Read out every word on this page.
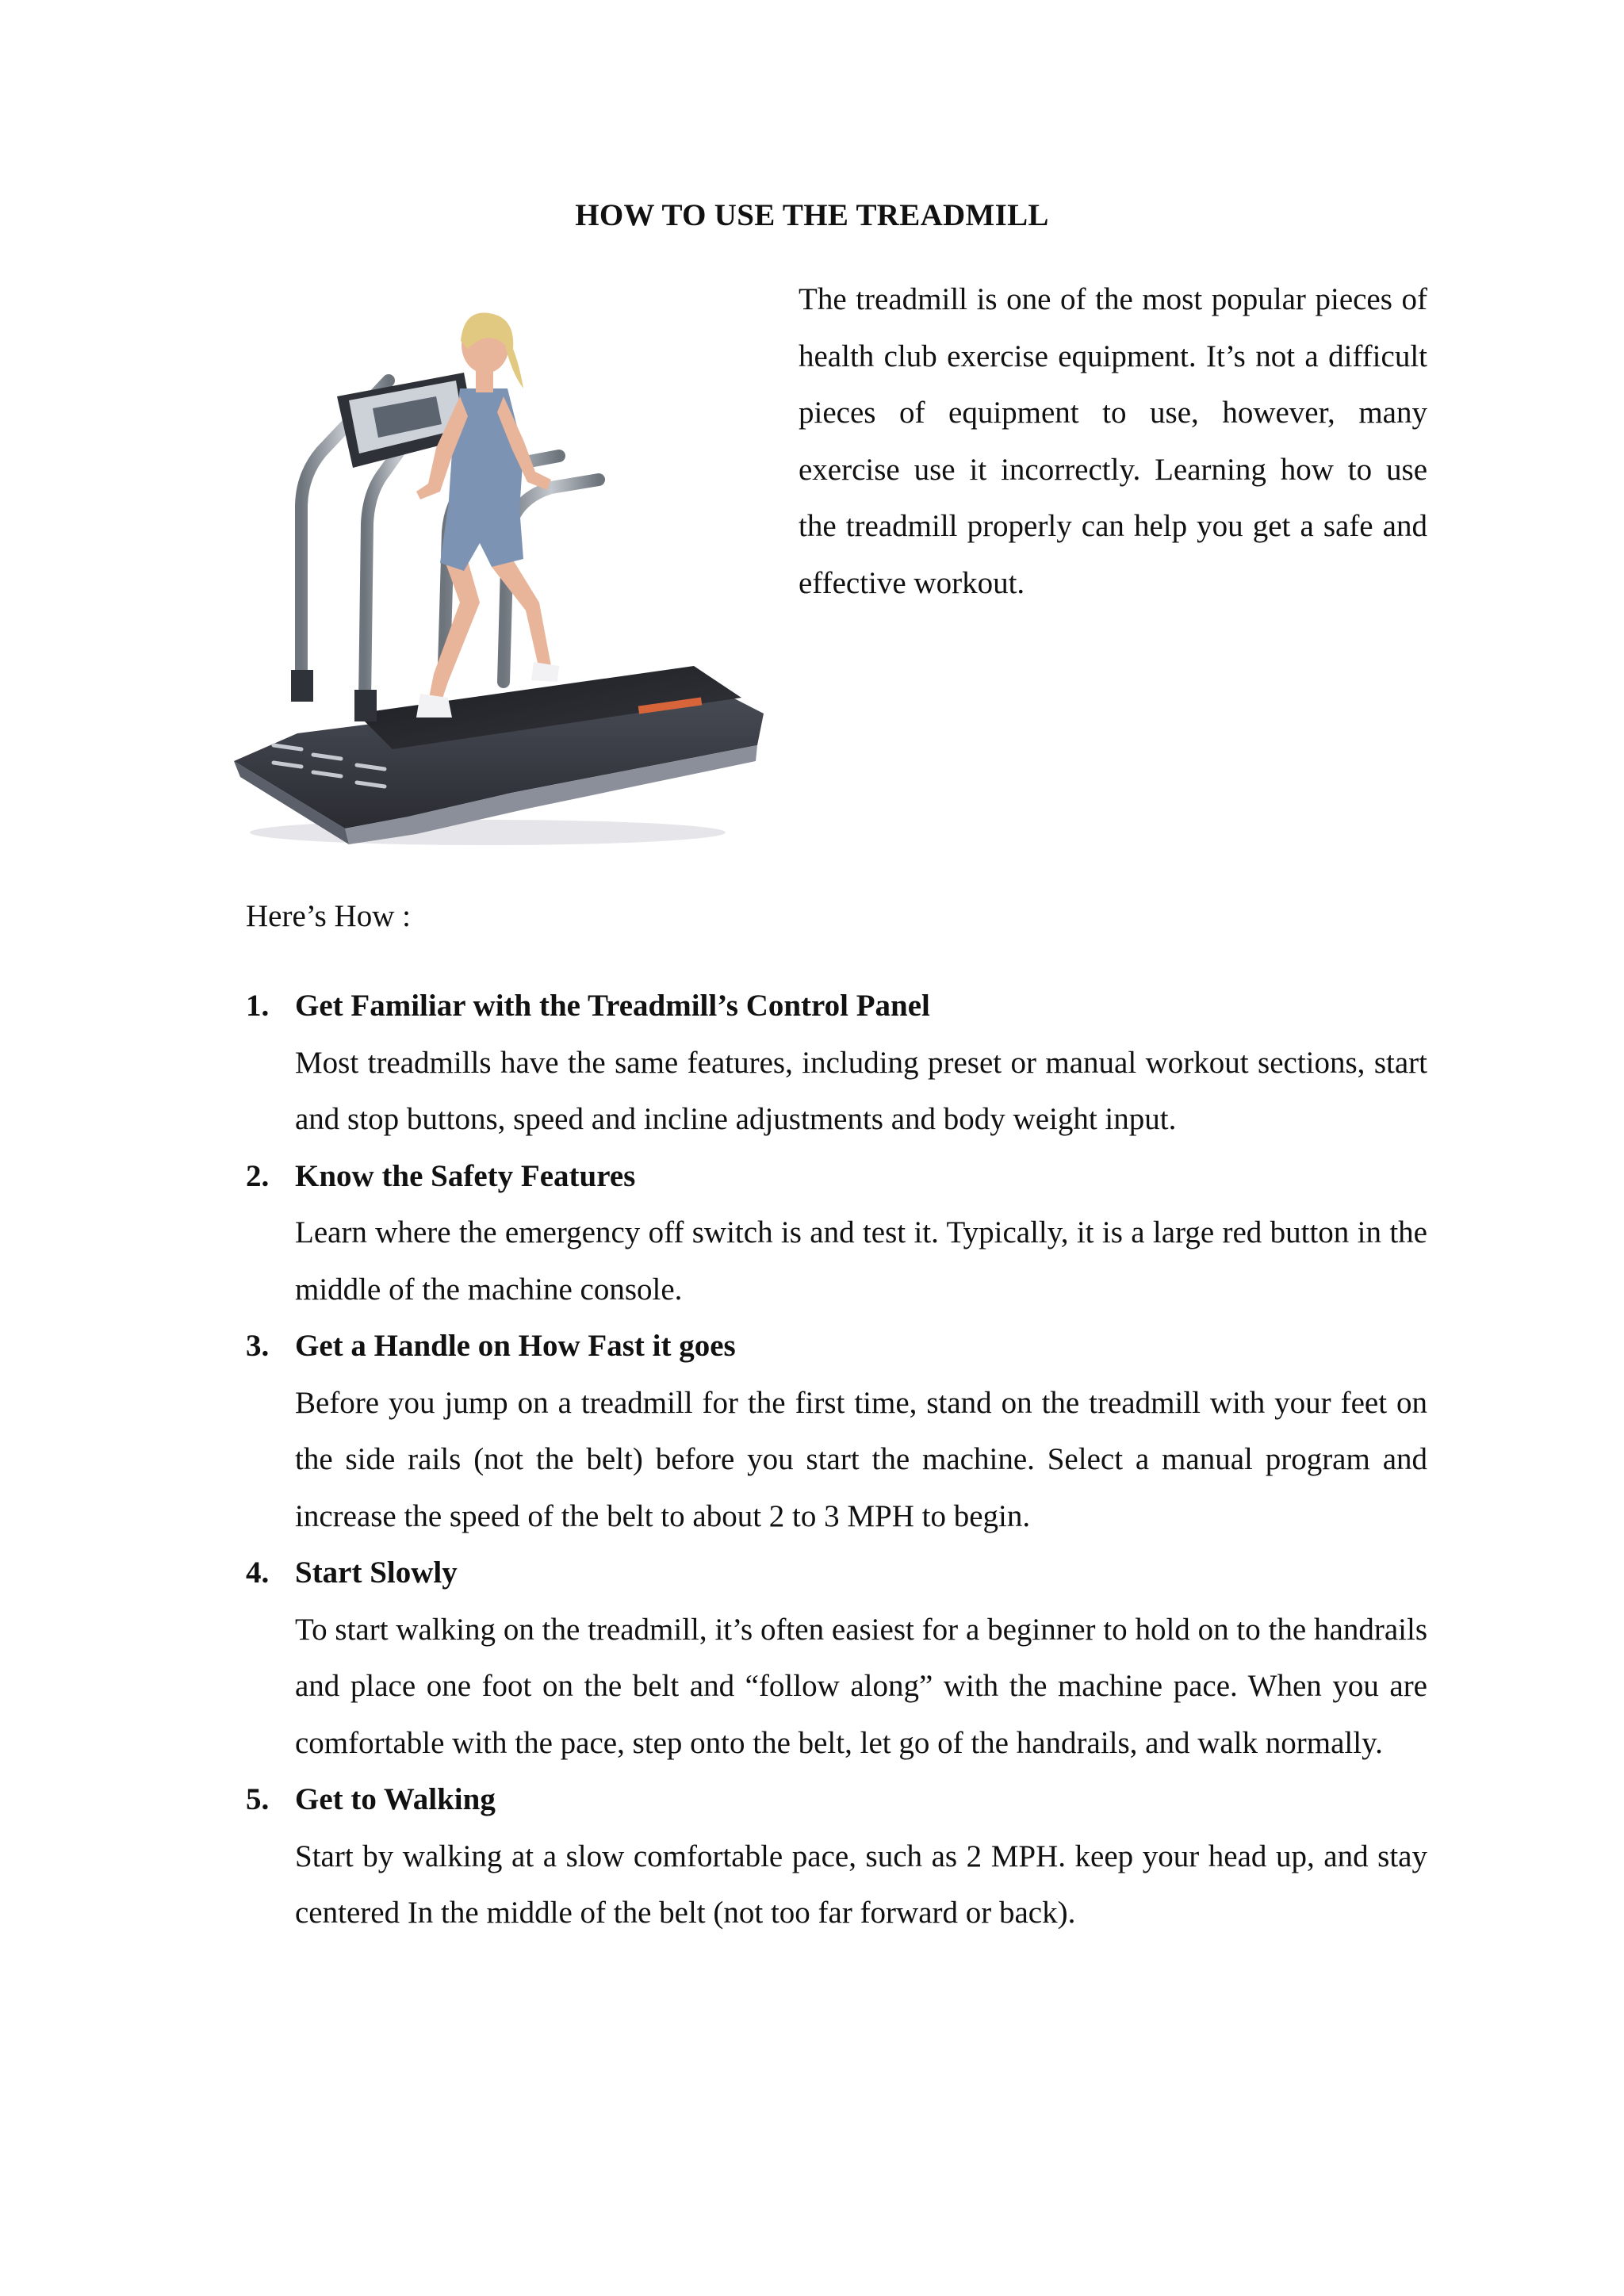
HOW TO USE THE TREADMILL
The treadmill is one of the most popular pieces of health club exercise equipment. It’s not a difficult pieces of equipment to use, however, many exercise use it incorrectly. Learning how to use the treadmill properly can help you get a safe and effective workout.
Here’s How :
1. Get Familiar with the Treadmill’s Control Panel
Most treadmills have the same features, including preset or manual workout sections, start and stop buttons, speed and incline adjustments and body weight input.
2. Know the Safety Features
Learn where the emergency off switch is and test it. Typically, it is a large red button in the middle of the machine console.
3. Get a Handle on How Fast it goes
Before you jump on a treadmill for the first time, stand on the treadmill with your feet on the side rails (not the belt) before you start the machine. Select a manual program and increase the speed of the belt to about 2 to 3 MPH to begin.
4. Start Slowly
To start walking on the treadmill, it’s often easiest for a beginner to hold on to the handrails and place one foot on the belt and “follow along” with the machine pace. When you are comfortable with the pace, step onto the belt, let go of the handrails, and walk normally.
5. Get to Walking
Start by walking at a slow comfortable pace, such as 2 MPH. keep your head up, and stay centered In the middle of the belt (not too far forward or back).
